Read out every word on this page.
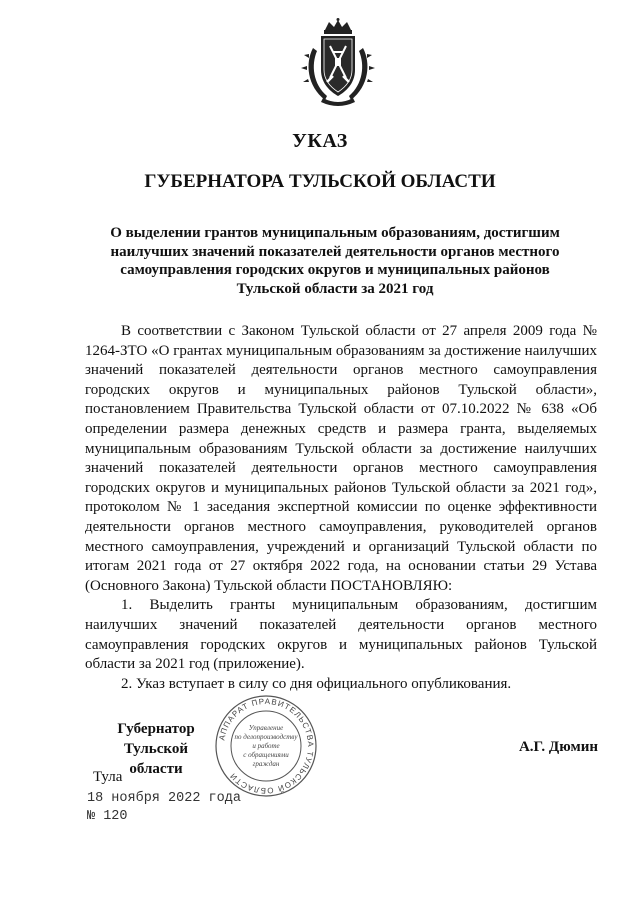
УКАЗ
ГУБЕРНАТОРА ТУЛЬСКОЙ ОБЛАСТИ
О выделении грантов муниципальным образованиям, достигшим наилучших значений показателей деятельности органов местного самоуправления городских округов и муниципальных районов Тульской области за 2021 год

В соответствии с Законом Тульской области от 27 апреля 2009 года № 1264-ЗТО «О грантах муниципальным образованиям за достижение наилучших значений показателей деятельности органов местного самоуправления городских округов и муниципальных районов Тульской области», постановлением Правительства Тульской области от 07.10.2022 № 638 «Об определении размера денежных средств и размера гранта, выделяемых муниципальным образованиям Тульской области за достижение наилучших значений показателей деятельности органов местного самоуправления городских округов и муниципальных районов Тульской области за 2021 год», протоколом № 1 заседания экспертной комиссии по оценке эффективности деятельности органов местного самоуправления, руководителей органов местного самоуправления, учреждений и организаций Тульской области по итогам 2021 года от 27 октября 2022 года, на основании статьи 29 Устава (Основного Закона) Тульской области ПОСТАНОВЛЯЮ:

1. Выделить гранты муниципальным образованиям, достигшим наилучших значений показателей деятельности органов местного самоуправления городских округов и муниципальных районов Тульской области за 2021 год (приложение).

2. Указ вступает в силу со дня официального опубликования.

Губернатор
Тульской области
АППАРАТ ПРАВИТЕЛЬСТВА ТУЛЬСКОЙ ОБЛАСТИ
Управление
по делопроизводству
и работе
с обращениями
граждан
А.Г. Дюмин
Тула
18 ноября 2022 года
№ 120
